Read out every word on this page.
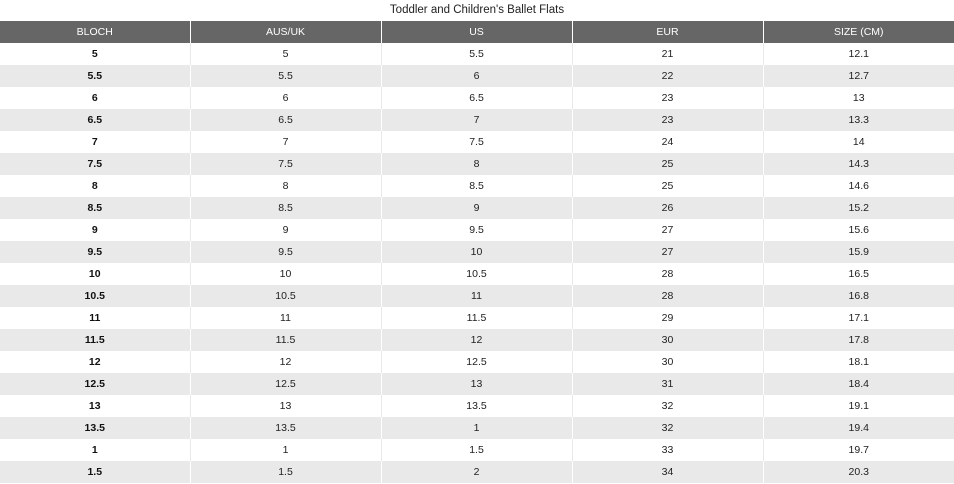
Toddler and Children's Ballet Flats
BLOCH	AUS/UK	US	EUR	SIZE (CM)
5	5	5.5	21	12.1
5.5	5.5	6	22	12.7
6	6	6.5	23	13
6.5	6.5	7	23	13.3
7	7	7.5	24	14
7.5	7.5	8	25	14.3
8	8	8.5	25	14.6
8.5	8.5	9	26	15.2
9	9	9.5	27	15.6
9.5	9.5	10	27	15.9
10	10	10.5	28	16.5
10.5	10.5	11	28	16.8
11	11	11.5	29	17.1
11.5	11.5	12	30	17.8
12	12	12.5	30	18.1
12.5	12.5	13	31	18.4
13	13	13.5	32	19.1
13.5	13.5	1	32	19.4
1	1	1.5	33	19.7
1.5	1.5	2	34	20.3
